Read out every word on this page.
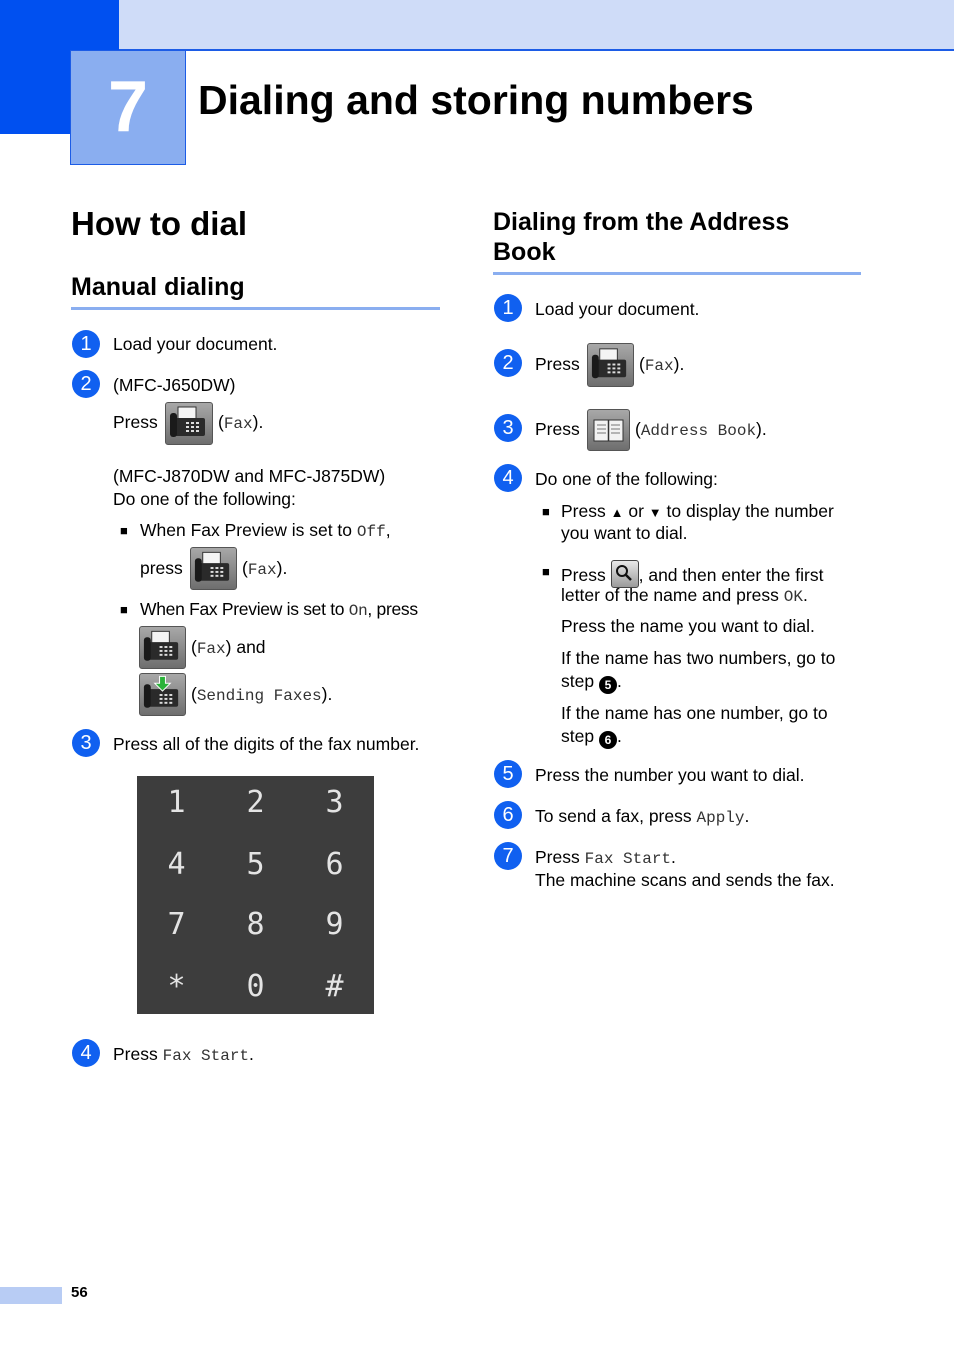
7	Dialing and storing numbers
How to dial
Manual dialing
1	Load your document.
2	(MFC-J650DW)
Press	(Fax).
(MFC-J870DW and MFC-J875DW)
Do one of the following:
■ When Fax Preview is set to Off,
press	(Fax).
■ When Fax Preview is set to On, press
(Fax) and
(Sending Faxes).
3	Press all of the digits of the fax number.
1	2	3
4	5	6
7	8	9
*	0	#
4	Press Fax Start.
Dialing from the Address
Book
1	Load your document.
2	Press	(Fax).
3	Press	(Address Book).
4	Do one of the following:
■ Press ▲ or ▼ to display the number
you want to dial.
■ Press
, and then enter the first
letter of the name and press OK.
Press the name you want to dial.
If the name has two numbers, go to
step 5 .
If the name has one number, go to
step 6 .
5	Press the number you want to dial.
6	To send a fax, press Apply.
7	Press Fax Start.
The machine scans and sends the fax.
56
